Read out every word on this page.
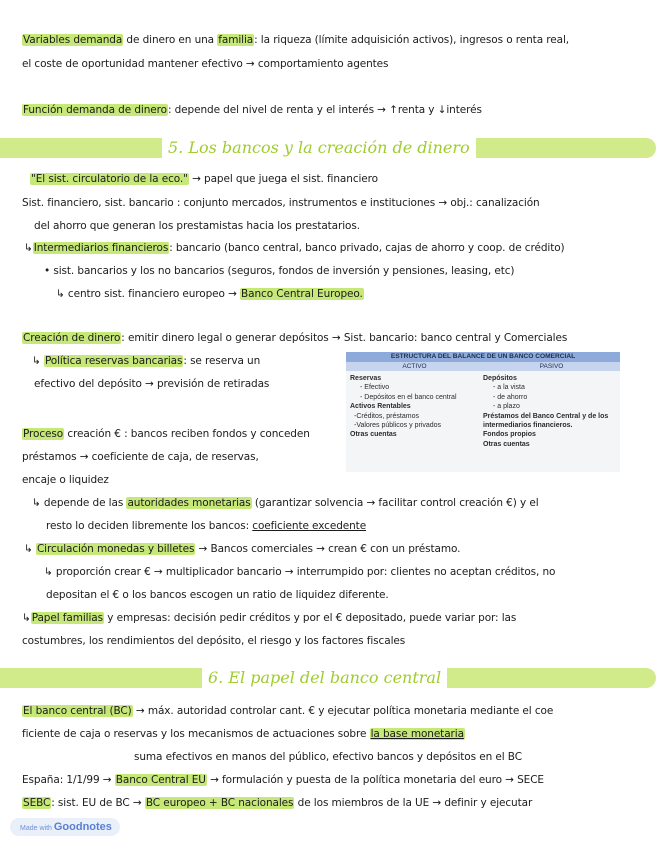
Variables demanda de dinero en una familia: la riqueza (límite adquisición activos), ingresos o renta real,
el coste de oportunidad mantener efectivo → comportamiento agentes
Función demanda de dinero: depende del nivel de renta y el interés → ↑renta y ↓interés
5. Los bancos y la creación de dinero
"El sist. circulatorio de la eco." → papel que juega el sist. financiero
Sist. financiero, sist. bancario : conjunto mercados, instrumentos e instituciones → obj.: canalización
del ahorro que generan los prestamistas hacia los prestatarios.
↳Intermediarios financieros: bancario (banco central, banco privado, cajas de ahorro y coop. de crédito)
• sist. bancarios y los no bancarios (seguros, fondos de inversión y pensiones, leasing, etc)
↳ centro sist. financiero europeo → Banco Central Europeo.
Creación de dinero: emitir dinero legal o generar depósitos → Sist. bancario: banco central y Comerciales
↳ Política reservas bancarias: se reserva un
efectivo del depósito → previsión de retiradas
ESTRUCTURA DEL BALANCE DE UN BANCO COMERCIAL
ACTIVO	PASIVO
Reservas
- Efectivo
- Depósitos en el banco central
Activos Rentables
-Créditos, préstamos
-Valores públicos y privados
Otras cuentas
Depósitos
- a la vista
- de ahorro
- a plazo
Préstamos del Banco Central y de los
intermediarios financieros.
Fondos propios
Otras cuentas
Proceso creación € : bancos reciben fondos y conceden
préstamos → coeficiente de caja, de reservas,
encaje o liquidez
↳ depende de las autoridades monetarias (garantizar solvencia → facilitar control creación €) y el
resto lo deciden libremente los bancos: coeficiente excedente
↳ Circulación monedas y billetes → Bancos comerciales → crean € con un préstamo.
↳ proporción crear € → multiplicador bancario → interrumpido por: clientes no aceptan créditos, no
depositan el € o los bancos escogen un ratio de liquidez diferente.
↳Papel familias y empresas: decisión pedir créditos y por el € depositado, puede variar por: las
costumbres, los rendimientos del depósito, el riesgo y los factores fiscales
6. El papel del banco central
El banco central (BC) → máx. autoridad controlar cant. € y ejecutar política monetaria mediante el coe
ficiente de caja o reservas y los mecanismos de actuaciones sobre la base monetaria
suma efectivos en manos del público, efectivo bancos y depósitos en el BC
España: 1/1/99 → Banco Central EU → formulación y puesta de la política monetaria del euro → SECE
SEBC: sist. EU de BC → BC europeo + BC nacionales de los miembros de la UE → definir y ejecutar
Made with Goodnotes
